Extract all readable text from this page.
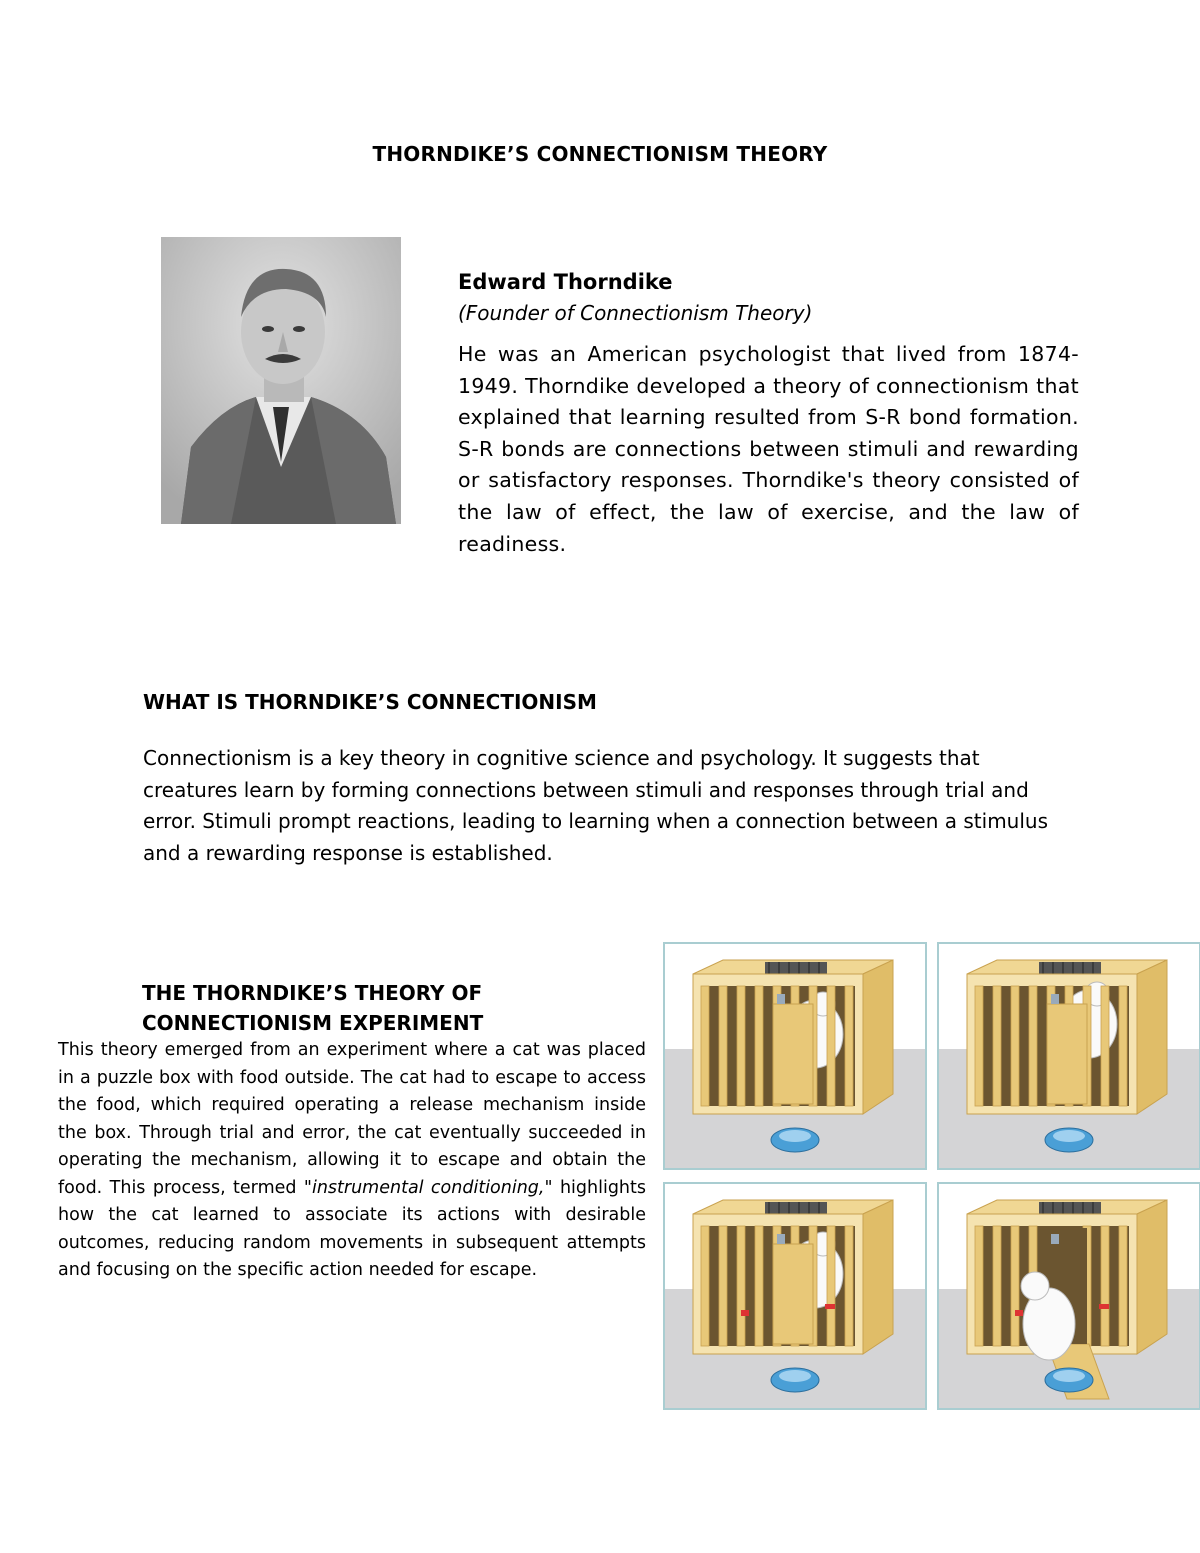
THORNDIKE’S CONNECTIONISM THEORY
Edward Thorndike
(Founder of Connectionism Theory)
He was an American psychologist that lived from 1874-1949. Thorndike developed a theory of connectionism that explained that learning resulted from S-R bond formation. S-R bonds are connections between stimuli and rewarding or satisfactory responses. Thorndike's theory consisted of the law of effect, the law of exercise, and the law of readiness.
WHAT IS THORNDIKE’S CONNECTIONISM
Connectionism is a key theory in cognitive science and psychology. It suggests that creatures learn by forming connections between stimuli and responses through trial and error. Stimuli prompt reactions, leading to learning when a connection between a stimulus and a rewarding response is established.
THE THORNDIKE’S THEORY OF CONNECTIONISM EXPERIMENT
This theory emerged from an experiment where a cat was placed in a puzzle box with food outside. The cat had to escape to access the food, which required operating a release mechanism inside the box. Through trial and error, the cat eventually succeeded in operating the mechanism, allowing it to escape and obtain the food. This process, termed "instrumental conditioning," highlights how the cat learned to associate its actions with desirable outcomes, reducing random movements in subsequent attempts and focusing on the specific action needed for escape.
